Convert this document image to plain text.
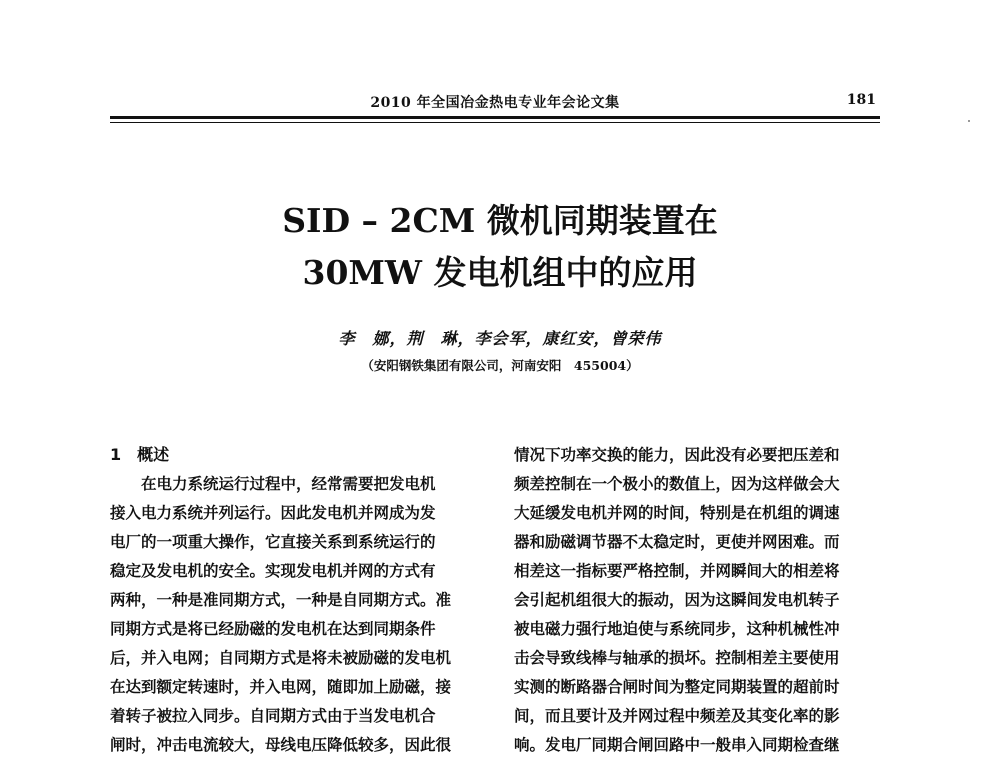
2010 年全国冶金热电专业年会论文集	181
SID – 2CM 微机同期装置在
30MW 发电机组中的应用
李　娜，荆　琳，李会军，康红安，曾荣伟
（安阳钢铁集团有限公司，河南安阳　455004）
1　概述
　　在电力系统运行过程中，经常需要把发电机
接入电力系统并列运行。因此发电机并网成为发
电厂的一项重大操作，它直接关系到系统运行的
稳定及发电机的安全。实现发电机并网的方式有
两种，一种是准同期方式，一种是自同期方式。准
同期方式是将已经励磁的发电机在达到同期条件
后，并入电网；自同期方式是将未被励磁的发电机
在达到额定转速时，并入电网，随即加上励磁，接
着转子被拉入同步。自同期方式由于当发电机合
闸时，冲击电流较大，母线电压降低较多，因此很
情况下功率交换的能力，因此没有必要把压差和
频差控制在一个极小的数值上，因为这样做会大
大延缓发电机并网的时间，特别是在机组的调速
器和励磁调节器不太稳定时，更使并网困难。而
相差这一指标要严格控制，并网瞬间大的相差将
会引起机组很大的振动，因为这瞬间发电机转子
被电磁力强行地迫使与系统同步，这种机械性冲
击会导致线棒与轴承的损坏。控制相差主要使用
实测的断路器合闸时间为整定同期装置的超前时
间，而且要计及并网过程中频差及其变化率的影
响。发电厂同期合闸回路中一般串入同期检查继
